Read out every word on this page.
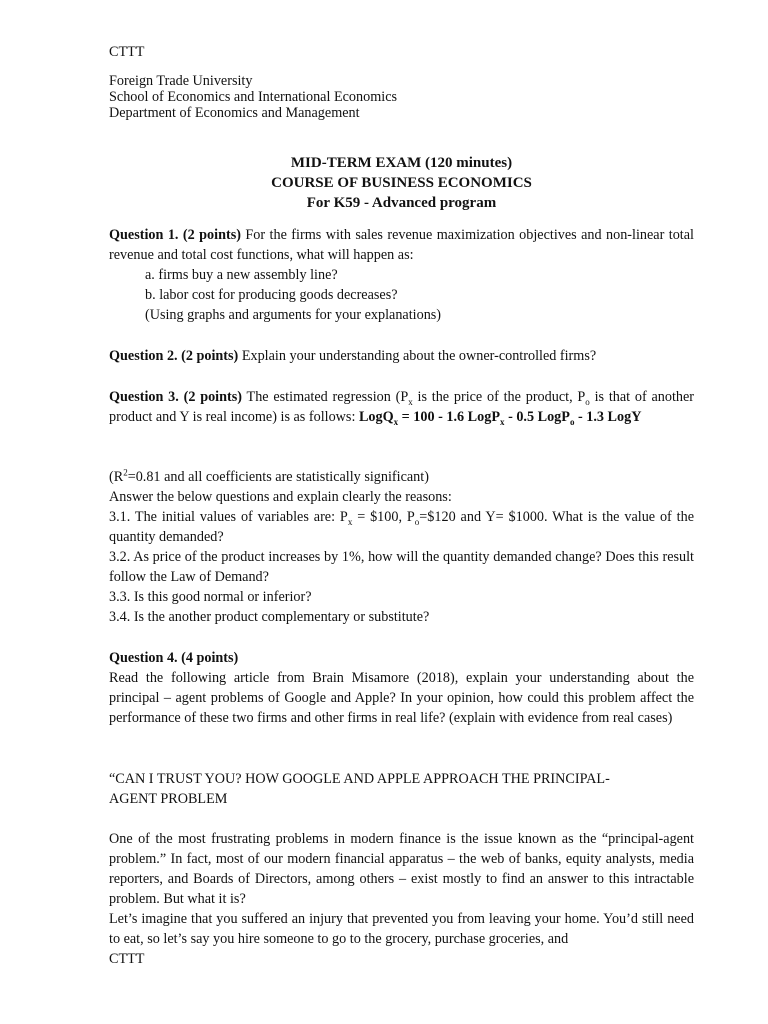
CTTT

Foreign Trade University
School of Economics and International Economics
Department of Economics and Management

MID-TERM EXAM (120 minutes)

COURSE OF BUSINESS ECONOMICS

For K59 - Advanced program

Question 1. (2 points) For the firms with sales revenue maximization objectives and non-linear total revenue and total cost functions, what will happen as:
a. firms buy a new assembly line?
b. labor cost for producing goods decreases?
(Using graphs and arguments for your explanations)

Question 2. (2 points) Explain your understanding about the owner-controlled firms?

Question 3. (2 points) The estimated regression ($P_x$ is the price of the product, $P_o$ is that of another product and Y is real income) is as follows: LogQ$_x$ = 100 - 1.6 LogP$_x$ - 0.5 LogP$_o$ - 1.3 LogY

($R^2=0.81$ and all coefficients are statistically significant)
Answer the below questions and explain clearly the reasons:
3.1. The initial values of variables are: $P_x$ = $100, $P_o=\$120$ and Y= $1000. What is the value of the quantity demanded?
3.2. As price of the product increases by 1%, how will the quantity demanded change? Does this result follow the Law of Demand?
3.3. Is this good normal or inferior?
3.4. Is the another product complementary or substitute?

Question 4. (4 points)
Read the following article from Brain Misamore (2018), explain your understanding about the principal – agent problems of Google and Apple? In your opinion, how could this problem affect the performance of these two firms and other firms in real life? (explain with evidence from real cases)

“CAN I TRUST YOU? HOW GOOGLE AND APPLE APPROACH THE PRINCIPAL-
AGENT PROBLEM

One of the most frustrating problems in modern finance is the issue known as the “principal-agent problem.” In fact, most of our modern financial apparatus – the web of banks, equity analysts, media reporters, and Boards of Directors, among others – exist mostly to find an answer to this intractable problem. But what it is?
Let’s imagine that you suffered an injury that prevented you from leaving your home. You’d still need to eat, so let’s say you hire someone to go to the grocery, purchase groceries, and

CTTT
